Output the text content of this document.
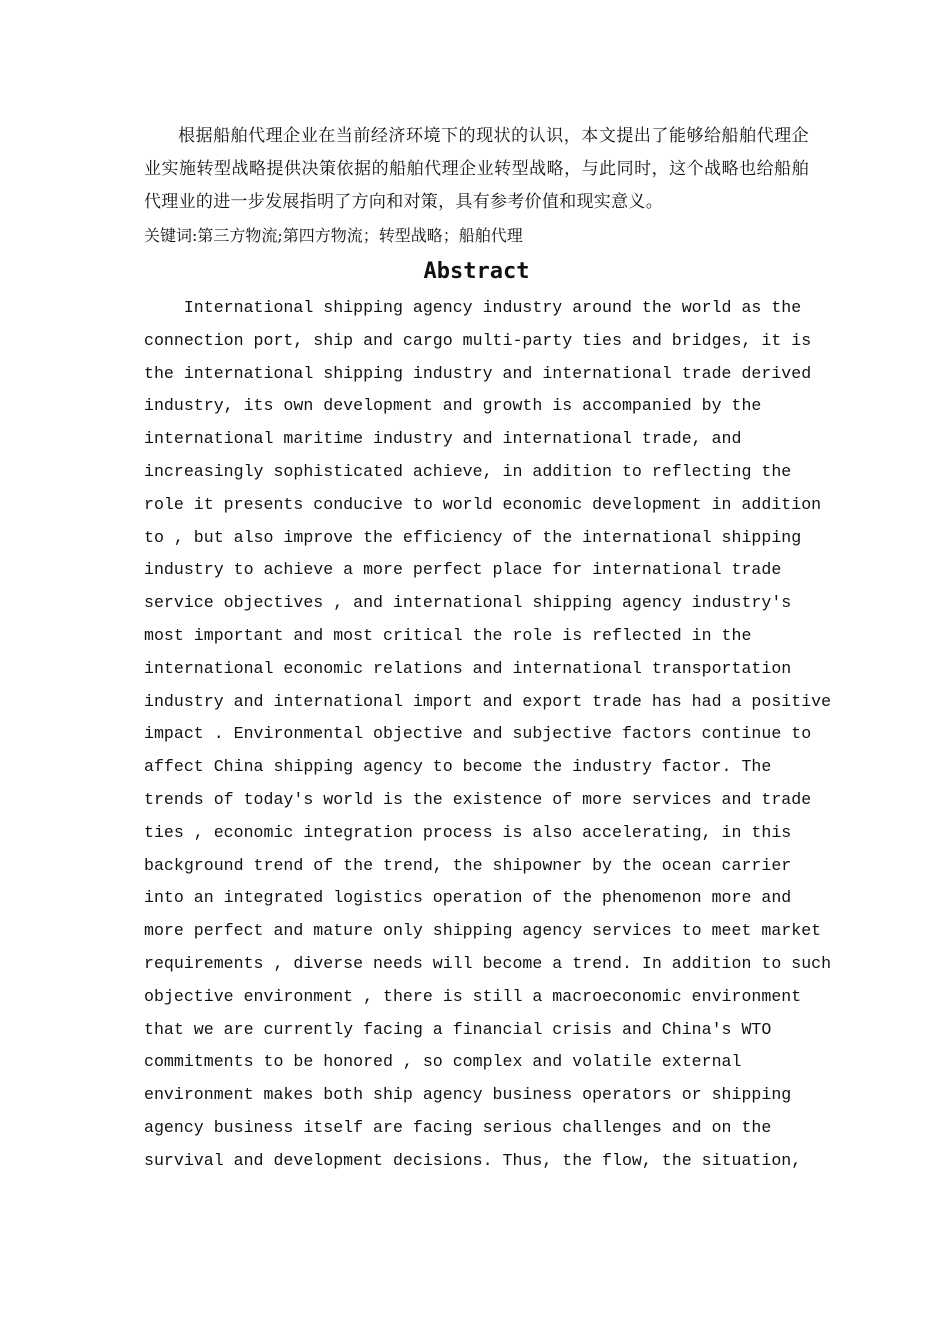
根据船舶代理企业在当前经济环境下的现状的认识，本文提出了能够给船舶代理企业实施转型战略提供决策依据的船舶代理企业转型战略，与此同时，这个战略也给船舶代理业的进一步发展指明了方向和对策，具有参考价值和现实意义。

关键词:第三方物流;第四方物流；转型战略；船舶代理

Abstract

International shipping agency industry around the world as the

connection port, ship and cargo multi-party ties and bridges, it is

the international shipping industry and international trade derived

industry, its own development and growth is accompanied by the

international maritime industry and international trade, and

increasingly sophisticated achieve, in addition to reflecting the

role it presents conducive to world economic development in addition

to , but also improve the efficiency of the international shipping

industry to achieve a more perfect place for international trade

service objectives , and international shipping agency industry's

most important and most critical the role is reflected in the

international economic relations and international transportation

industry and international import and export trade has had a positive

impact . Environmental objective and subjective factors continue to

affect China shipping agency to become the industry factor. The

trends of today's world is the existence of more services and trade

ties , economic integration process is also accelerating, in this

background trend of the trend, the shipowner by the ocean carrier

into an integrated logistics operation of the phenomenon more and

more perfect and mature only shipping agency services to meet market

requirements , diverse needs will become a trend. In addition to such

objective environment , there is still a macroeconomic environment

that we are currently facing a financial crisis and China's WTO

commitments to be honored , so complex and volatile external

environment makes both ship agency business operators or shipping

agency business itself are facing serious challenges and on the

survival and development decisions. Thus, the flow, the situation,
